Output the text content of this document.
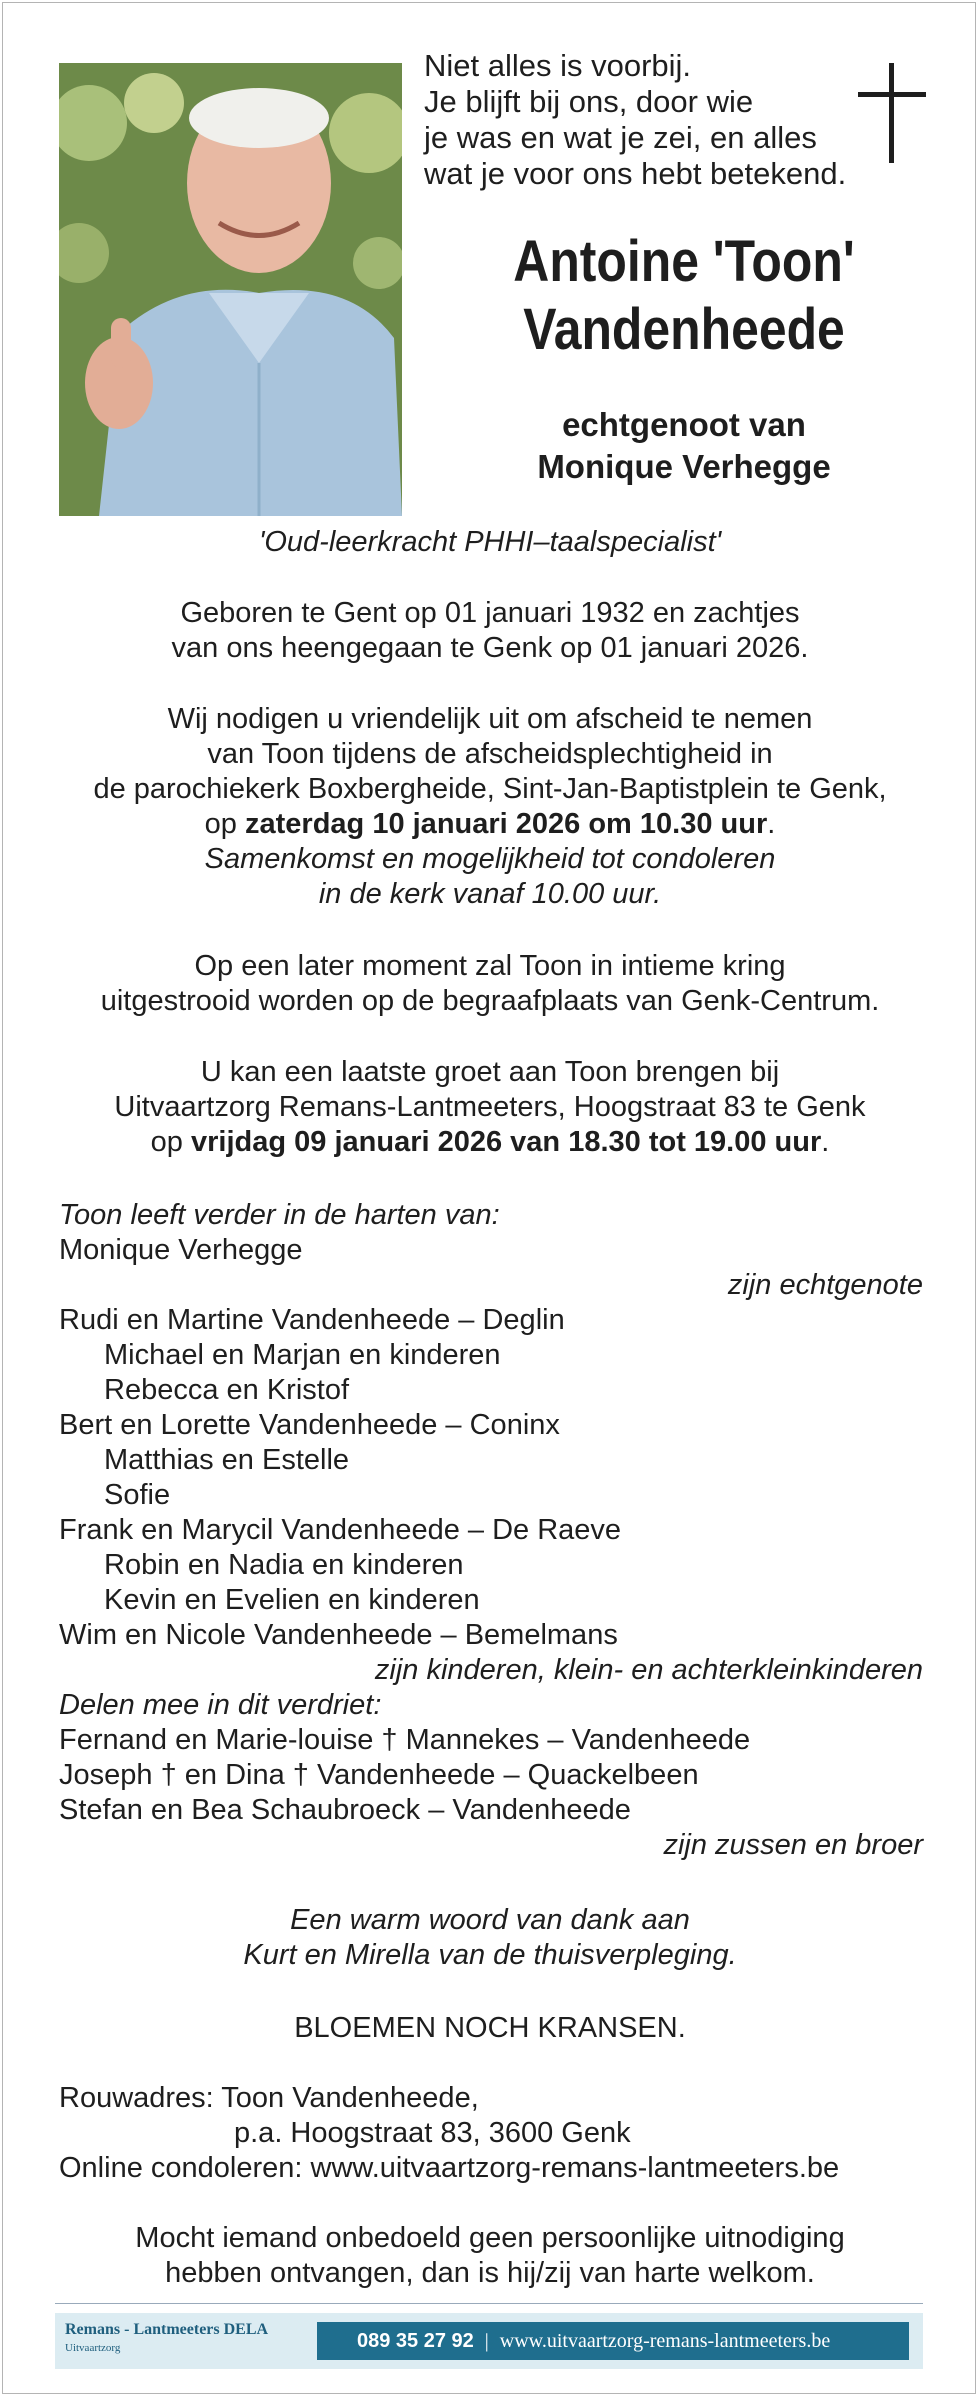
Niet alles is voorbij.
Je blijft bij ons, door wie
je was en wat je zei, en alles
wat je voor ons hebt betekend.
Antoine 'Toon'
Vandenheede
echtgenoot van
Monique Verhegge
'Oud-leerkracht PHHI–taalspecialist'
Geboren te Gent op 01 januari 1932 en zachtjes
van ons heengegaan te Genk op 01 januari 2026.
Wij nodigen u vriendelijk uit om afscheid te nemen
van Toon tijdens de afscheidsplechtigheid in
de parochiekerk Boxbergheide, Sint-Jan-Baptistplein te Genk,
op zaterdag 10 januari 2026 om 10.30 uur.
Samenkomst en mogelijkheid tot condoleren
in de kerk vanaf 10.00 uur.
Op een later moment zal Toon in intieme kring
uitgestrooid worden op de begraafplaats van Genk-Centrum.
U kan een laatste groet aan Toon brengen bij
Uitvaartzorg Remans-Lantmeeters, Hoogstraat 83 te Genk
op vrijdag 09 januari 2026 van 18.30 tot 19.00 uur.
Toon leeft verder in de harten van:
Monique Verhegge
zijn echtgenote
Rudi en Martine Vandenheede – Deglin
Michael en Marjan en kinderen
Rebecca en Kristof
Bert en Lorette Vandenheede – Coninx
Matthias en Estelle
Sofie
Frank en Marycil Vandenheede – De Raeve
Robin en Nadia en kinderen
Kevin en Evelien en kinderen
Wim en Nicole Vandenheede – Bemelmans
zijn kinderen, klein- en achterkleinkinderen
Delen mee in dit verdriet:
Fernand en Marie-louise † Mannekes – Vandenheede
Joseph † en Dina † Vandenheede – Quackelbeen
Stefan en Bea Schaubroeck – Vandenheede
zijn zussen en broer
Een warm woord van dank aan
Kurt en Mirella van de thuisverpleging.
BLOEMEN NOCH KRANSEN.
Rouwadres: Toon Vandenheede,
p.a. Hoogstraat 83, 3600 Genk
Online condoleren: www.uitvaartzorg-remans-lantmeeters.be
Mocht iemand onbedoeld geen persoonlijke uitnodiging
hebben ontvangen, dan is hij/zij van harte welkom.
Remans - Lantmeeters DELA
Uitvaartzorg	089 35 27 92 | www.uitvaartzorg-remans-lantmeeters.be
